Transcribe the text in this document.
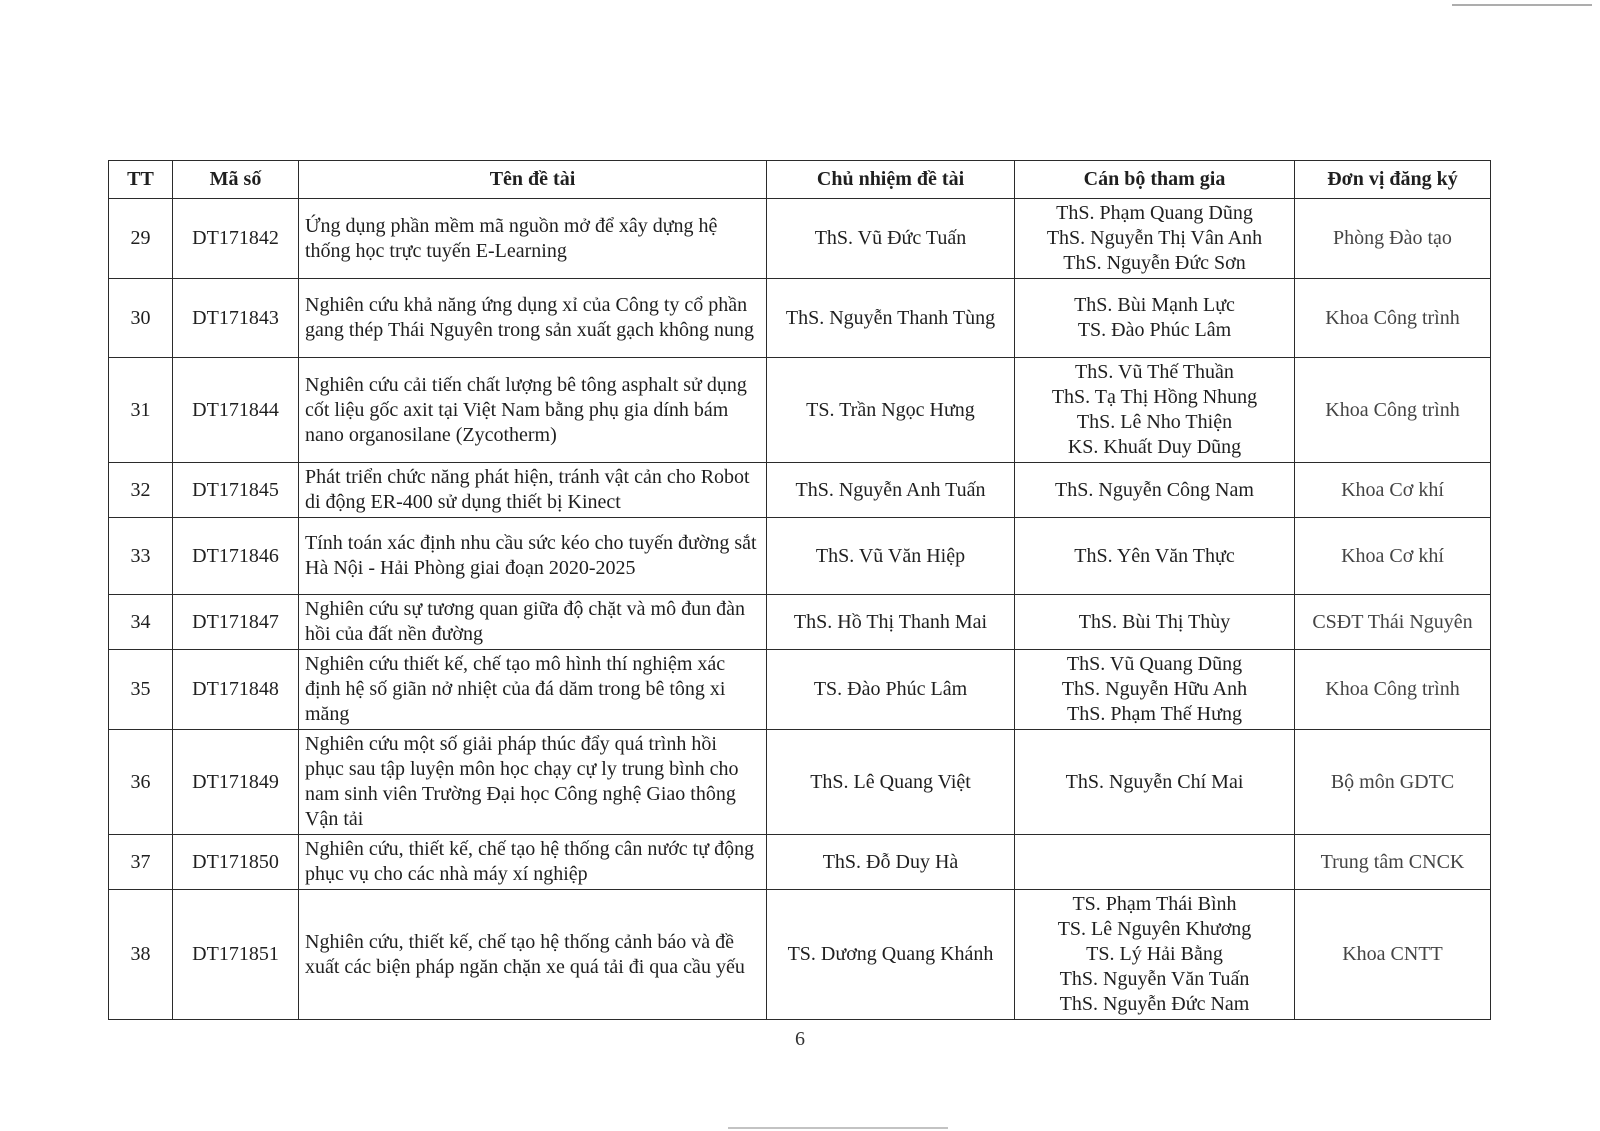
TT	Mã số	Tên đề tài	Chủ nhiệm đề tài	Cán bộ tham gia	Đơn vị đăng ký
29	DT171842	Ứng dụng phần mềm mã nguồn mở để xây dựng hệ thống học trực tuyến E-Learning	ThS. Vũ Đức Tuấn	ThS. Phạm Quang Dũng
ThS. Nguyễn Thị Vân Anh
ThS. Nguyễn Đức Sơn	Phòng Đào tạo
30	DT171843	Nghiên cứu khả năng ứng dụng xỉ của Công ty cổ phần gang thép Thái Nguyên trong sản xuất gạch không nung	ThS. Nguyễn Thanh Tùng	ThS. Bùi Mạnh Lực
TS. Đào Phúc Lâm	Khoa Công trình
31	DT171844	Nghiên cứu cải tiến chất lượng bê tông asphalt sử dụng cốt liệu gốc axit tại Việt Nam bằng phụ gia dính bám nano organosilane (Zycotherm)	TS. Trần Ngọc Hưng	ThS. Vũ Thế Thuần
ThS. Tạ Thị Hồng Nhung
ThS. Lê Nho Thiện
KS. Khuất Duy Dũng	Khoa Công trình
32	DT171845	Phát triển chức năng phát hiện, tránh vật cản cho Robot di động ER-400 sử dụng thiết bị Kinect	ThS. Nguyễn Anh Tuấn	ThS. Nguyễn Công Nam	Khoa Cơ khí
33	DT171846	Tính toán xác định nhu cầu sức kéo cho tuyến đường sắt Hà Nội - Hải Phòng giai đoạn 2020-2025	ThS. Vũ Văn Hiệp	ThS. Yên Văn Thực	Khoa Cơ khí
34	DT171847	Nghiên cứu sự tương quan giữa độ chặt và mô đun đàn hồi của đất nền đường	ThS. Hồ Thị Thanh Mai	ThS. Bùi Thị Thùy	CSĐT Thái Nguyên
35	DT171848	Nghiên cứu thiết kế, chế tạo mô hình thí nghiệm xác định hệ số giãn nở nhiệt của đá dăm trong bê tông xi măng	TS. Đào Phúc Lâm	ThS. Vũ Quang Dũng
ThS. Nguyễn Hữu Anh
ThS. Phạm Thế Hưng	Khoa Công trình
36	DT171849	Nghiên cứu một số giải pháp thúc đẩy quá trình hồi phục sau tập luyện môn học chạy cự ly trung bình cho nam sinh viên Trường Đại học Công nghệ Giao thông Vận tải	ThS. Lê Quang Việt	ThS. Nguyễn Chí Mai	Bộ môn GDTC
37	DT171850	Nghiên cứu, thiết kế, chế tạo hệ thống cân nước tự động phục vụ cho các nhà máy xí nghiệp	ThS. Đỗ Duy Hà		Trung tâm CNCK
38	DT171851	Nghiên cứu, thiết kế, chế tạo hệ thống cảnh báo và đề xuất các biện pháp ngăn chặn xe quá tải đi qua cầu yếu	TS. Dương Quang Khánh	TS. Phạm Thái Bình
TS. Lê Nguyên Khương
TS. Lý Hải Bằng
ThS. Nguyễn Văn Tuấn
ThS. Nguyễn Đức Nam	Khoa CNTT
6
